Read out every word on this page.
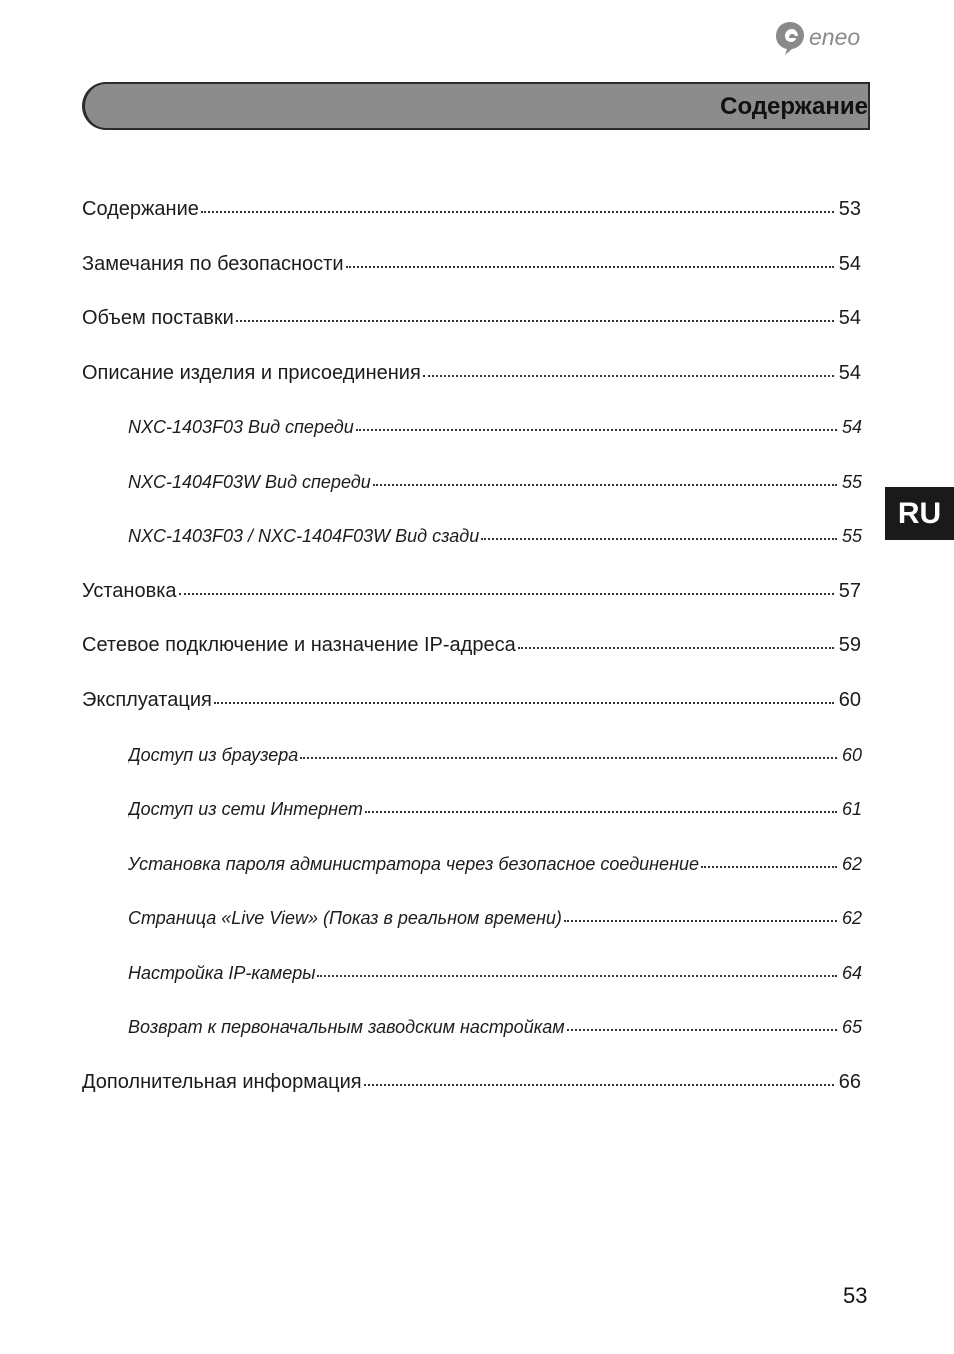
eneo
Содержание
RU
Содержание	53
Замечания по безопасности	54
Объем поставки	54
Описание изделия и присоединения	54
NXC-1403F03 Вид спереди	54
NXC-1404F03W Вид спереди	55
NXC-1403F03 / NXC-1404F03W Вид сзади	55
Установка	57
Сетевое подключение и назначение IP-адреса	59
Эксплуатация	60
Доступ из браузера	60
Доступ из сети Интернет	61
Установка пароля администратора через безопасное соединение	62
Страница «Live View» (Показ в реальном времени)	62
Настройка IP-камеры	64
Возврат к первоначальным заводским настройкам	65
Дополнительная информация	66
53
